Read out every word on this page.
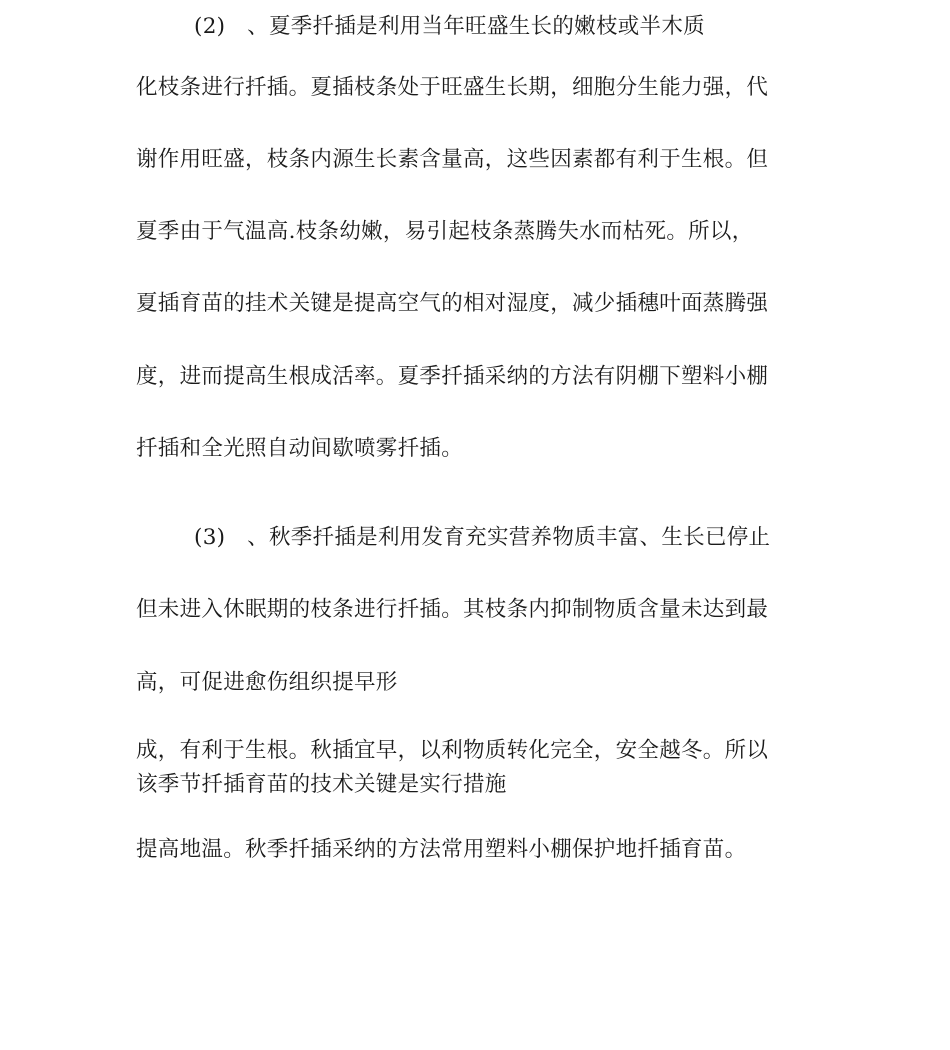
(2)　、夏季扦插是利用当年旺盛生长的嫩枝或半木质
化枝条进行扦插。夏插枝条处于旺盛生长期，细胞分生能力强，代
谢作用旺盛，枝条内源生长素含量高，这些因素都有利于生根。但
夏季由于气温高.枝条幼嫩，易引起枝条蒸腾失水而枯死。所以，
夏插育苗的挂术关键是提高空气的相对湿度，减少插穗叶面蒸腾强
度，进而提高生根成活率。夏季扦插采纳的方法有阴棚下塑料小棚
扦插和全光照自动间歇喷雾扦插。
(3)　、秋季扦插是利用发育充实营养物质丰富、生长已停止
但未进入休眠期的枝条进行扦插。其枝条内抑制物质含量未达到最
高，可促进愈伤组织提早形
成，有利于生根。秋插宜早，以利物质转化完全，安全越冬。所以
该季节扦插育苗的技术关键是实行措施
提高地温。秋季扦插采纳的方法常用塑料小棚保护地扦插育苗。
